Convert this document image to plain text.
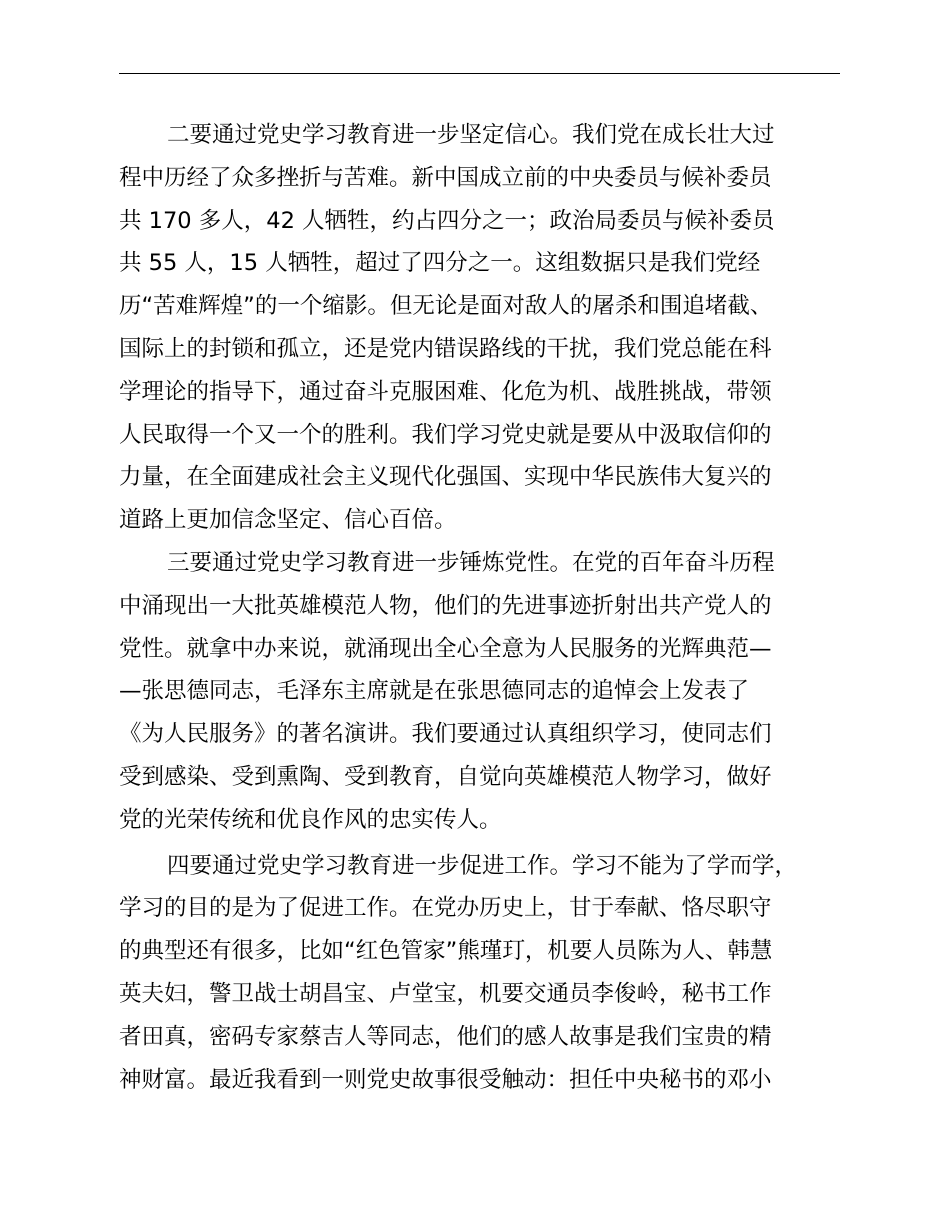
二要通过党史学习教育进一步坚定信心。我们党在成长壮大过
程中历经了众多挫折与苦难。新中国成立前的中央委员与候补委员
共 170 多人，42 人牺牲，约占四分之一；政治局委员与候补委员
共 55 人，15 人牺牲，超过了四分之一。这组数据只是我们党经
历“苦难辉煌”的一个缩影。但无论是面对敌人的屠杀和围追堵截、
国际上的封锁和孤立，还是党内错误路线的干扰，我们党总能在科
学理论的指导下，通过奋斗克服困难、化危为机、战胜挑战，带领
人民取得一个又一个的胜利。我们学习党史就是要从中汲取信仰的
力量，在全面建成社会主义现代化强国、实现中华民族伟大复兴的
道路上更加信念坚定、信心百倍。
三要通过党史学习教育进一步锤炼党性。在党的百年奋斗历程
中涌现出一大批英雄模范人物，他们的先进事迹折射出共产党人的
党性。就拿中办来说，就涌现出全心全意为人民服务的光辉典范—
—张思德同志，毛泽东主席就是在张思德同志的追悼会上发表了
《为人民服务》的著名演讲。我们要通过认真组织学习，使同志们
受到感染、受到熏陶、受到教育，自觉向英雄模范人物学习，做好
党的光荣传统和优良作风的忠实传人。
四要通过党史学习教育进一步促进工作。学习不能为了学而学，
学习的目的是为了促进工作。在党办历史上，甘于奉献、恪尽职守
的典型还有很多，比如“红色管家”熊瑾玎，机要人员陈为人、韩慧
英夫妇，警卫战士胡昌宝、卢堂宝，机要交通员李俊岭，秘书工作
者田真，密码专家蔡吉人等同志，他们的感人故事是我们宝贵的精
神财富。最近我看到一则党史故事很受触动：担任中央秘书的邓小
